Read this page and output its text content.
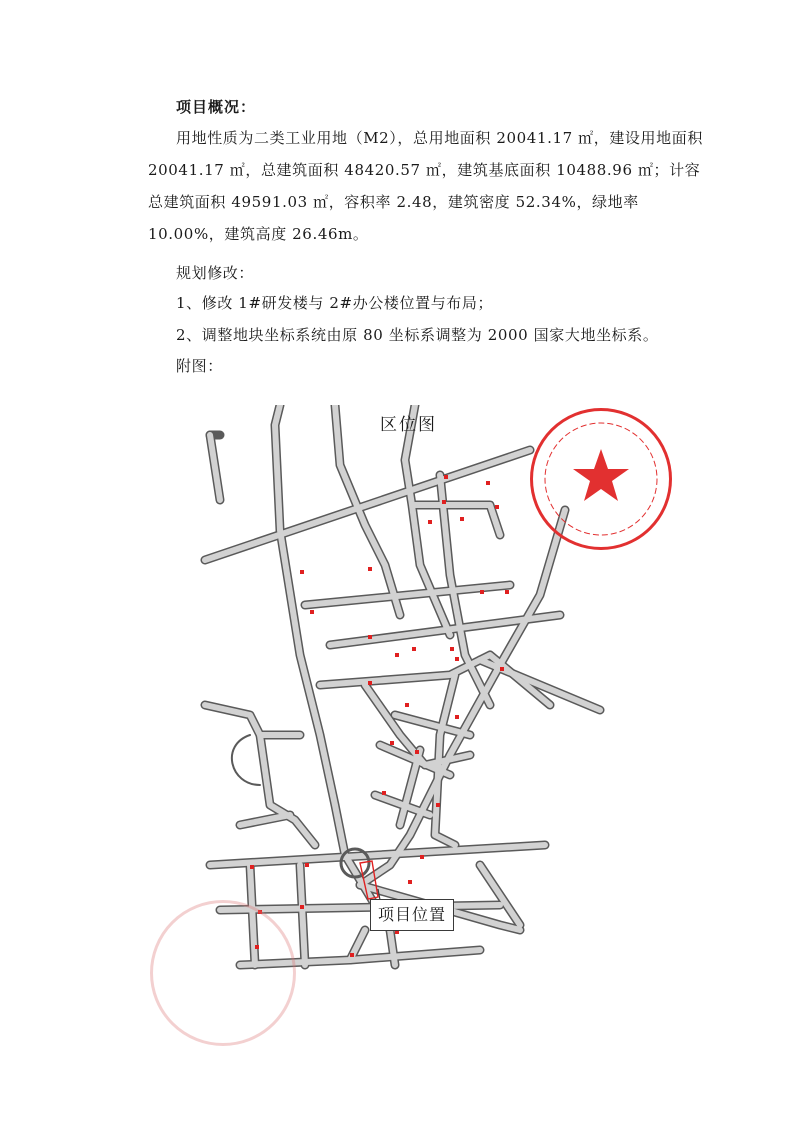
项目概况：

用地性质为二类工业用地（M2），总用地面积 20041.17 ㎡，建设用地面积 20041.17 ㎡，总建筑面积 48420.57 ㎡，建筑基底面积 10488.96 ㎡；计容总建筑面积 49591.03 ㎡，容积率 2.48，建筑密度 52.34%，绿地率 10.00%，建筑高度 26.46m。

规划修改：
1、修改 1#研发楼与 2#办公楼位置与布局；
2、调整地块坐标系统由原 80 坐标系调整为 2000 国家大地坐标系。
附图：
区位图
项目位置
